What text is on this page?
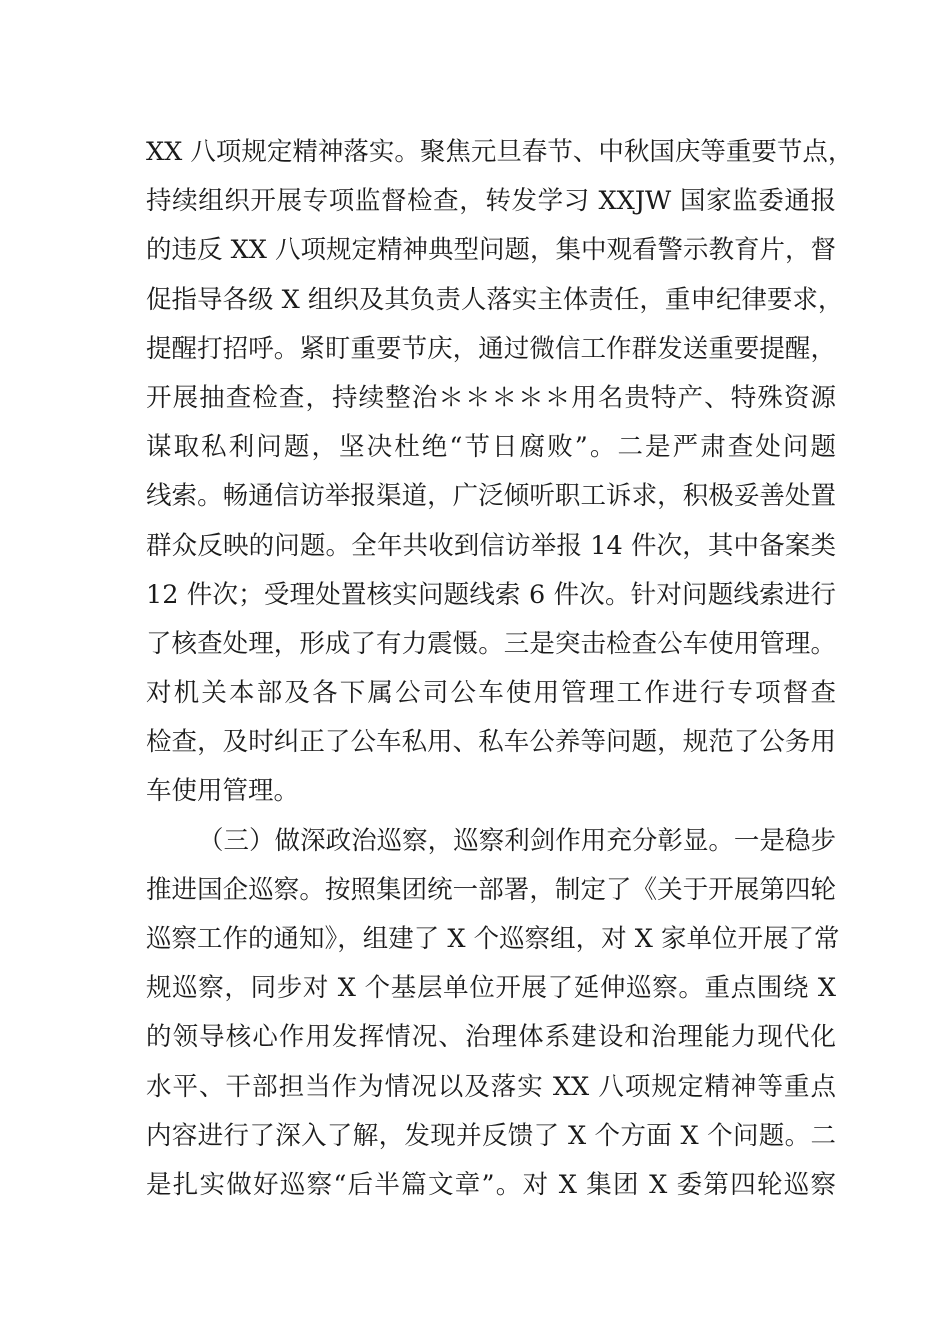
XX 八项规定精神落实。聚焦元旦春节、中秋国庆等重要节点，
持续组织开展专项监督检查，转发学习 XXJW 国家监委通报
的违反 XX 八项规定精神典型问题，集中观看警示教育片，督
促指导各级 X 组织及其负责人落实主体责任，重申纪律要求，
提醒打招呼。紧盯重要节庆，通过微信工作群发送重要提醒，
开展抽查检查，持续整治＊＊＊＊＊用名贵特产、特殊资源
谋取私利问题，坚决杜绝“节日腐败”。二是严肃查处问题
线索。畅通信访举报渠道，广泛倾听职工诉求，积极妥善处置
群众反映的问题。全年共收到信访举报 14 件次，其中备案类
12 件次；受理处置核实问题线索 6 件次。针对问题线索进行
了核查处理，形成了有力震慑。三是突击检查公车使用管理。
对机关本部及各下属公司公车使用管理工作进行专项督查
检查，及时纠正了公车私用、私车公养等问题，规范了公务用
车使用管理。
（三）做深政治巡察，巡察利剑作用充分彰显。一是稳步
推进国企巡察。按照集团统一部署，制定了《关于开展第四轮
巡察工作的通知》，组建了 X 个巡察组，对 X 家单位开展了常
规巡察，同步对 X 个基层单位开展了延伸巡察。重点围绕 X
的领导核心作用发挥情况、治理体系建设和治理能力现代化
水平、干部担当作为情况以及落实 XX 八项规定精神等重点
内容进行了深入了解，发现并反馈了 X 个方面 X 个问题。二
是扎实做好巡察“后半篇文章”。对 X 集团 X 委第四轮巡察
